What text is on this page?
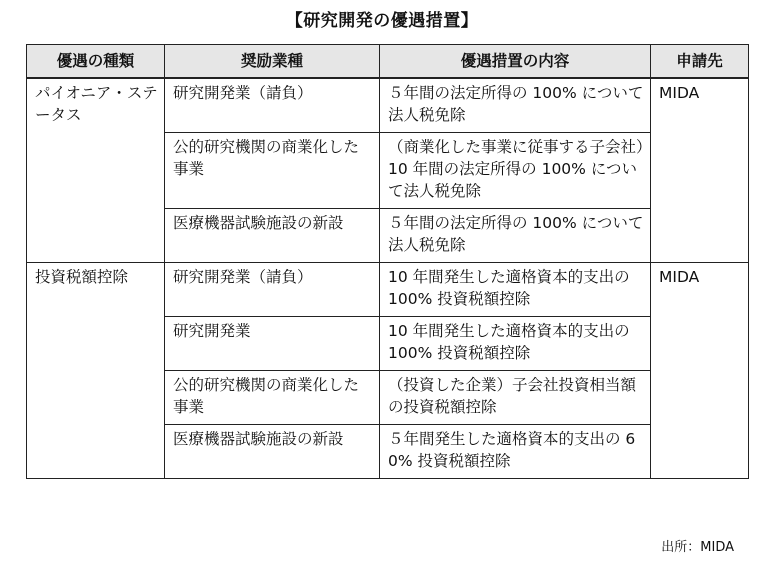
【研究開発の優遇措置】
優遇の種類	奨励業種	優遇措置の内容	申請先
パイオニア・ステータス	研究開発業（請負）	５年間の法定所得の 100% について法人税免除	MIDA
	公的研究機関の商業化した事業	（商業化した事業に従事する子会社）
10 年間の法定所得の 100% について法人税免除	

	医療機器試験施設の新設	５年間の法定所得の 100% について法人税免除	

投資税額控除	研究開発業（請負）	10 年間発生した適格資本的支出の 100% 投資税額控除	MIDA
	研究開発業	10 年間発生した適格資本的支出の 100% 投資税額控除	

	公的研究機関の商業化した事業	（投資した企業）子会社投資相当額の投資税額控除	

	医療機器試験施設の新設	５年間発生した適格資本的支出の 60% 投資税額控除	
出所：MIDA
